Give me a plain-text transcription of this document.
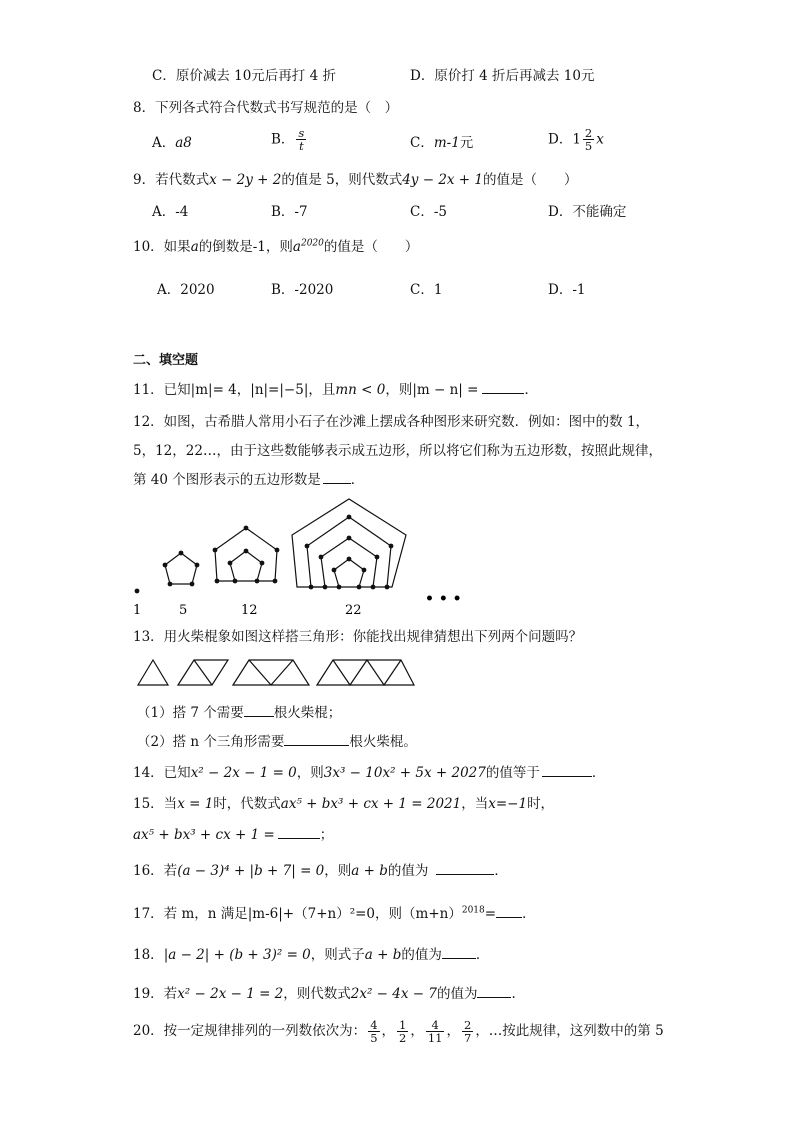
C．原价减去 10元后再打 4 折	D．原价打 4 折后再减去 10元
8．下列各式符合代数式书写规范的是（　）
A．a8	B． $\frac{s}{t}$	C．m-1元	D．$1 \frac{2}{5}$ x
9．若代数式x − 2y + 2的值是 5，则代数式4y − 2x + 1的值是（　　）
A．-4	B．-7	C．-5	D．不能确定
10．如果a的倒数是-1，则$a^{2020}$的值是（　　）
A．2020	B．-2020	C．1	D．-1
二、填空题
11．已知|m|= 4，|n|=|−5|，且mn < 0，则|m − n| =	．
12．如图，古希腊人常用小石子在沙滩上摆成各种图形来研究数．例如：图中的数 1，
5，12，22…，由于这些数能够表示成五边形，所以将它们称为五边形数，按照此规律，
第 40 个图形表示的五边形数是 ．
1	5	12	22
• • •
13．用火柴棍象如图这样搭三角形：你能找出规律猜想出下列两个问题吗？
（1）搭 7 个需要 根火柴棍；
（2）搭 n 个三角形需要	根火柴棍。
14．已知x² − 2x − 1 = 0，则3x³ − 10x² + 5x + 2027的值等于	．
15．当x = 1时，代数式ax⁵ + bx³ + cx + 1 = 2021，当x=−1时，
ax⁵ + bx³ + cx + 1 =	；
16．若(a − 3)⁴ + |b + 7| = 0，则a + b的值为	．
17．若 m，n 满足|m-6|+（7+n）²=0，则$(m+n)^{2018}=$ ．
18．|a − 2| + (b + 3)² = 0，则式子a + b的值为	．
19．若x² − 2x − 1 = 2，则代数式2x² − 4x − 7的值为	.
20．按一定规律排列的一列数依次为： $\frac{4}{5}$ ， $\frac{1}{2}$ ， $\frac{4}{11}$ ， $\frac{2}{7}$ ，…按此规律，这列数中的第 5
